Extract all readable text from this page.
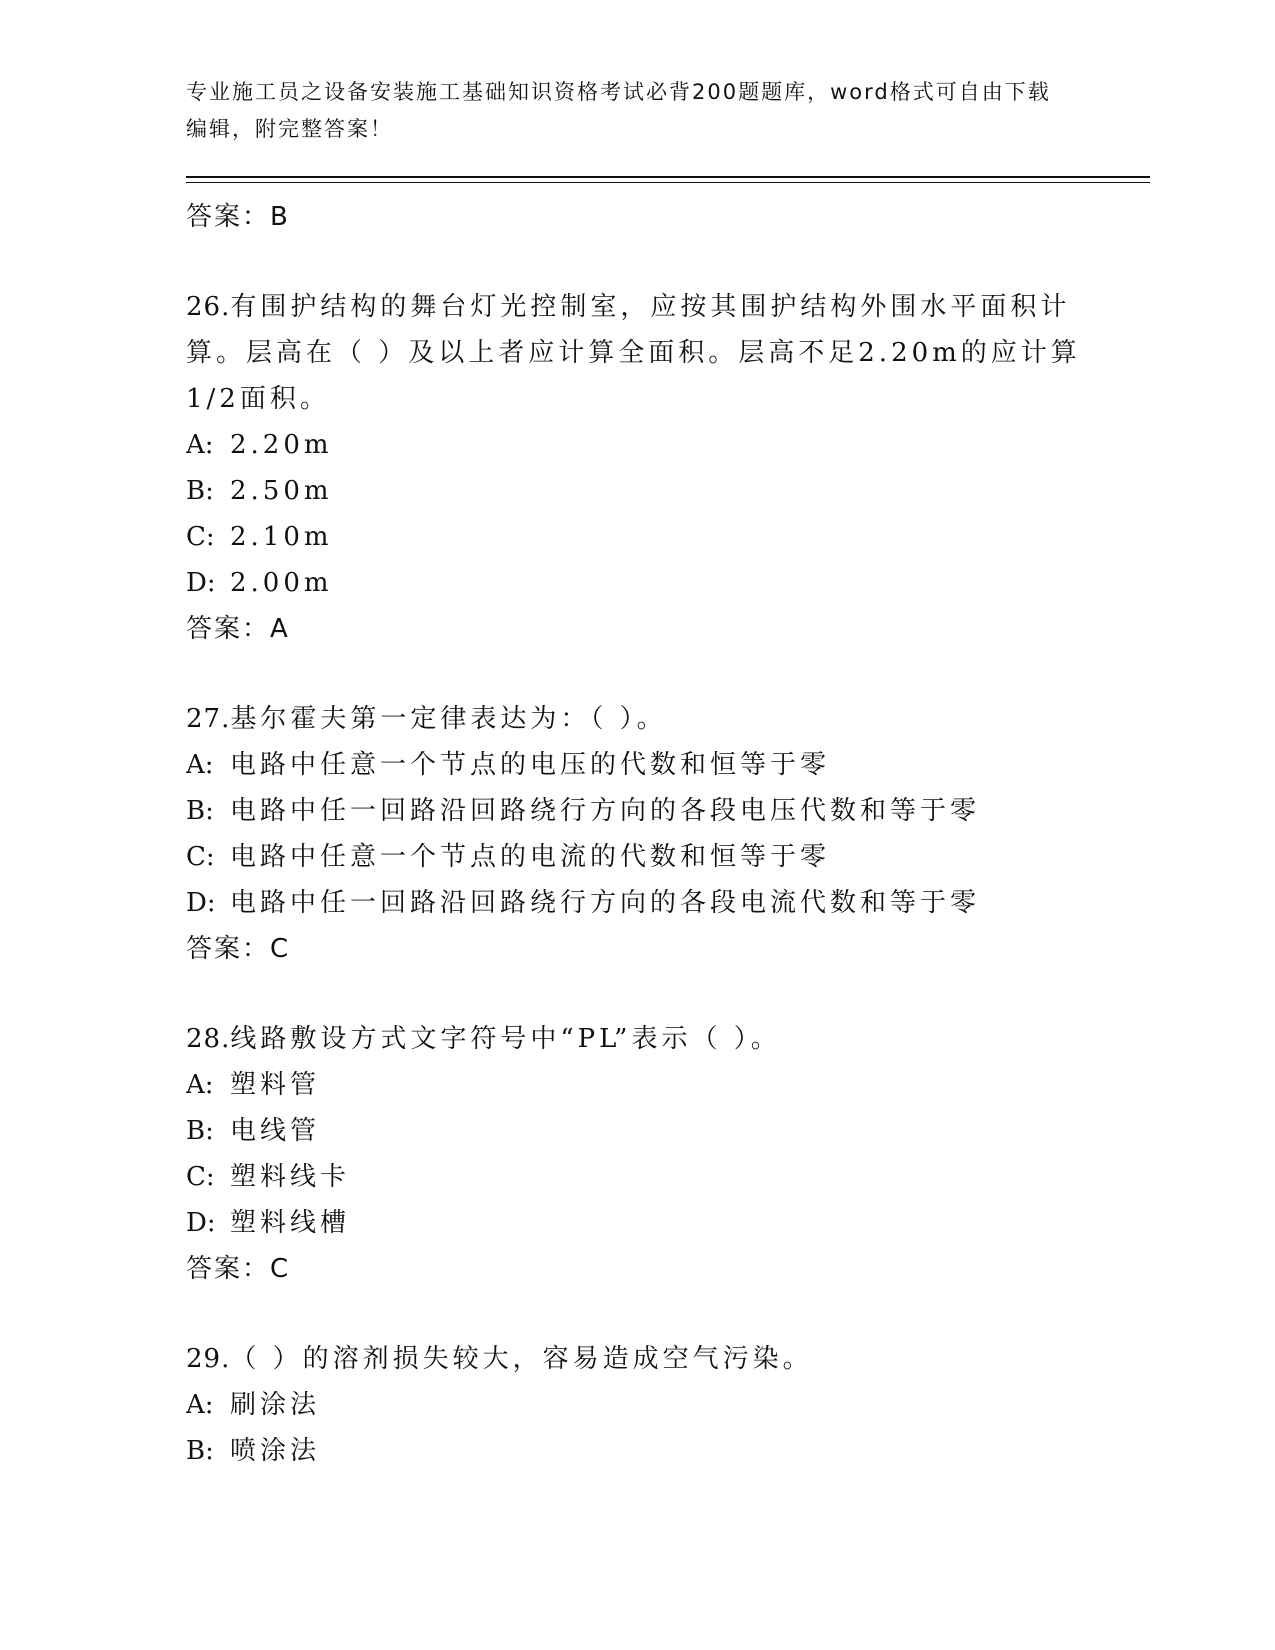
专业施工员之设备安装施工基础知识资格考试必背200题题库，word格式可自由下载编辑，附完整答案！
答案：B
26.有围护结构的舞台灯光控制室，应按其围护结构外围水平面积计算。层高在（ ）及以上者应计算全面积。层高不足2.20m的应计算1/2面积。
A: 2.20m
B: 2.50m
C: 2.10m
D: 2.00m
答案：A
27.基尔霍夫第一定律表达为：（ ）。
A: 电路中任意一个节点的电压的代数和恒等于零
B: 电路中任一回路沿回路绕行方向的各段电压代数和等于零
C: 电路中任意一个节点的电流的代数和恒等于零
D: 电路中任一回路沿回路绕行方向的各段电流代数和等于零
答案：C
28.线路敷设方式文字符号中“PL”表示（ ）。
A: 塑料管
B: 电线管
C: 塑料线卡
D: 塑料线槽
答案：C
29.（ ）的溶剂损失较大，容易造成空气污染。
A: 刷涂法
B: 喷涂法
